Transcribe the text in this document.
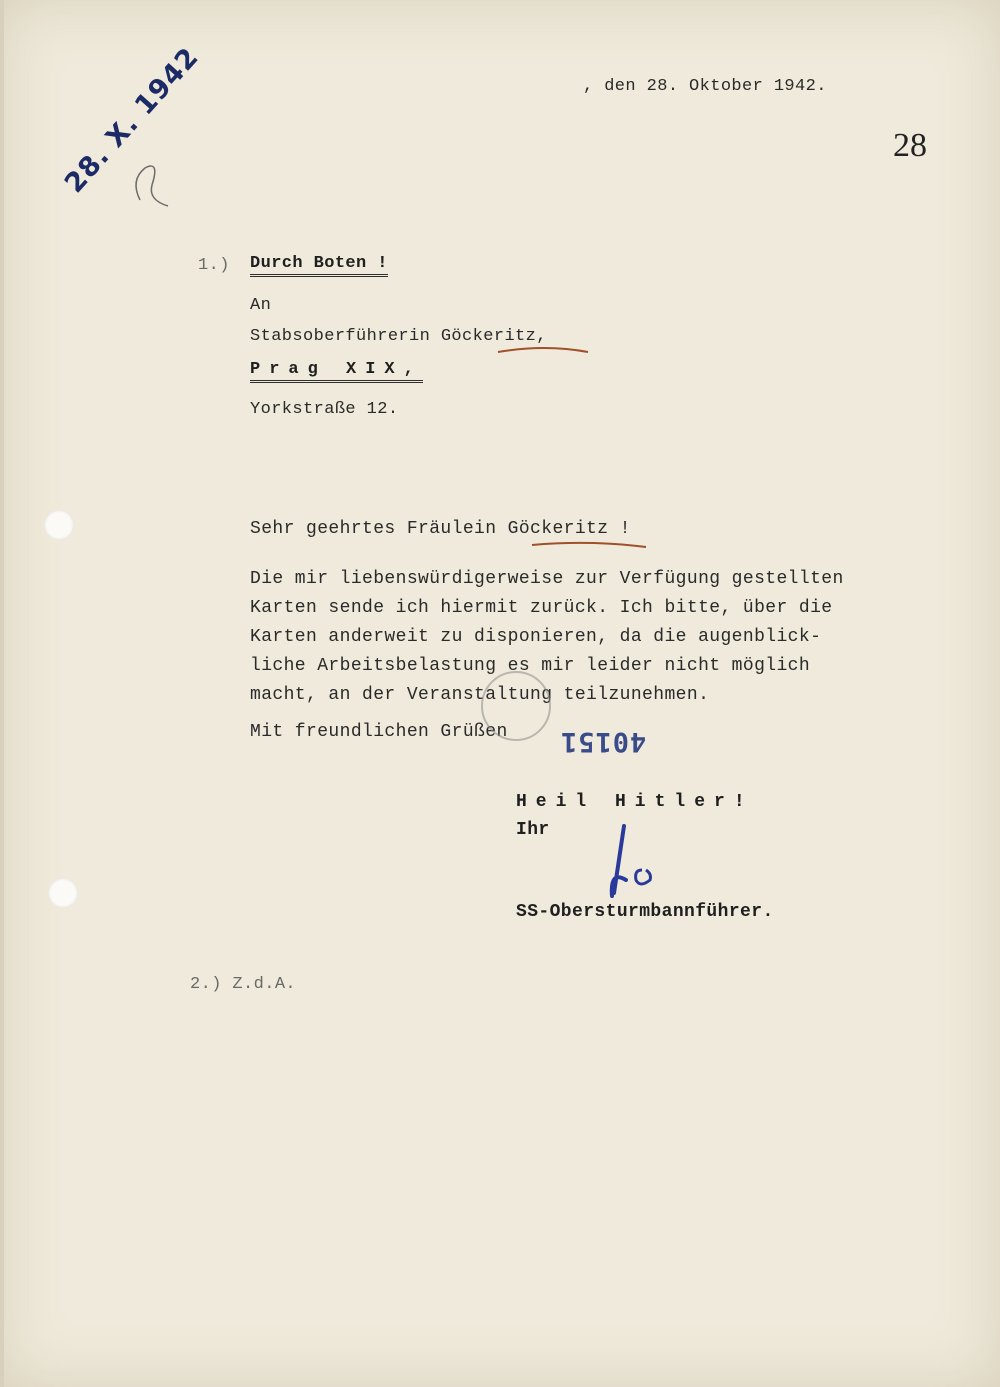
, den 28. Oktober 1942.
28
28. X. 1942
1.) Durch Boten !
An
Stabsoberführerin Göckeritz,
Prag XIX,
Yorkstraße 12.
Sehr geehrtes Fräulein Göckeritz !
Die mir liebenswürdigerweise zur Verfügung gestellten
Karten sende ich hiermit zurück. Ich bitte, über die
Karten anderweit zu disponieren, da die augenblick-
liche Arbeitsbelastung es mir leider nicht möglich
macht, an der Veranstaltung teilzunehmen.
Mit freundlichen Grüßen 40151
Heil Hitler!
Ihr
SS-Obersturmbannführer.
2.) Z.d.A.
